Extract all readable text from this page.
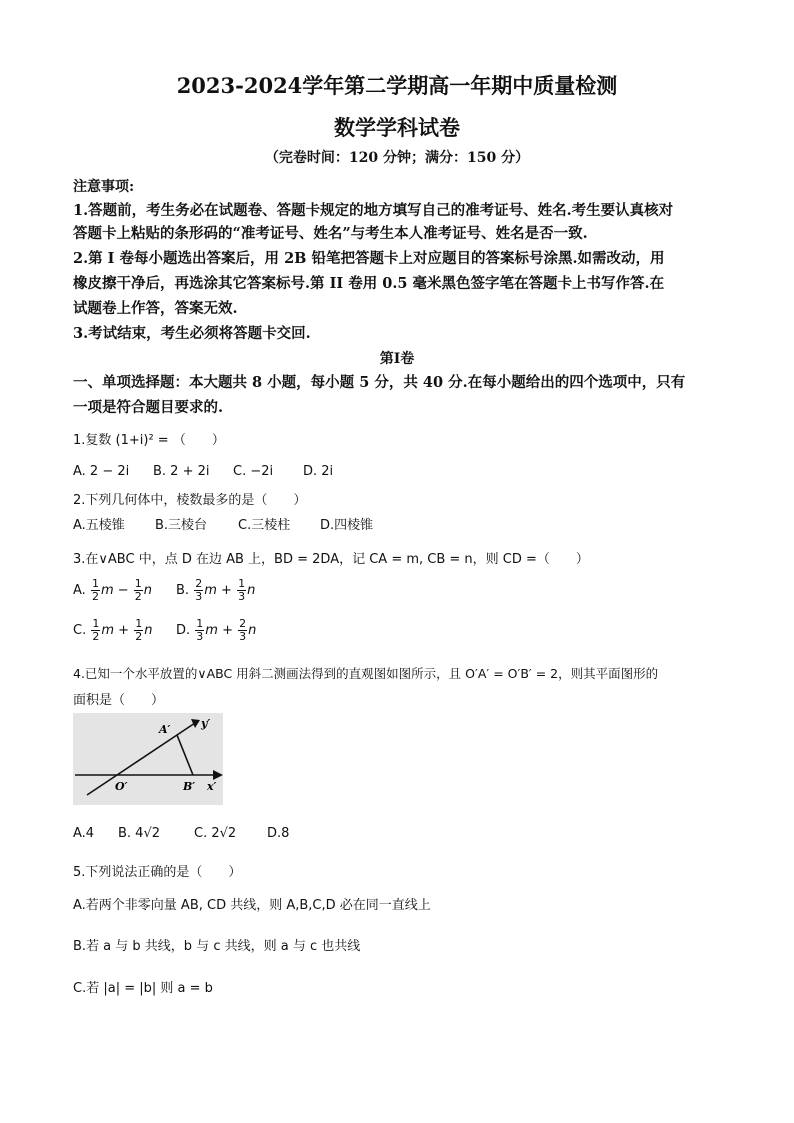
2023-2024学年第二学期高一年期中质量检测
数学学科试卷
（完卷时间：120 分钟；满分：150 分）
注意事项:
1.答题前，考生务必在试题卷、答题卡规定的地方填写自己的准考证号、姓名.考生要认真核对
答题卡上粘贴的条形码的“准考证号、姓名”与考生本人准考证号、姓名是否一致.
2.第 I 卷每小题选出答案后，用 2B 铅笔把答题卡上对应题目的答案标号涂黑.如需改动，用
橡皮擦干净后，再选涂其它答案标号.第 II 卷用 0.5 毫米黑色签字笔在答题卡上书写作答.在
试题卷上作答，答案无效.
3.考试结束，考生必须将答题卡交回.
第I卷
一、单项选择题：本大题共 8 小题，每小题 5 分，共 40 分.在每小题给出的四个选项中，只有
一项是符合题目要求的.
1.复数 (1+i)² = （　　）
A. 2 − 2i B. 2 + 2i C. −2i D. 2i
2.下列几何体中，棱数最多的是（　　）
A.五棱锥 B.三棱台 C.三棱柱 D.四棱锥
3.在∨ABC 中，点 D 在边 AB 上，BD = 2DA，记 CA = m, CB = n，则 CD =（　　）
A. $\frac{1}{2}$ $m - \frac{1}{2}$ n B. $\frac{2}{3}$ $m + \frac{1}{3}$ n
C. $\frac{1}{2}$ $m + \frac{1}{2}$ n D. $\frac{1}{3}$ $m + \frac{2}{3}$ n
4.已知一个水平放置的∨ABC 用斜二测画法得到的直观图如图所示，且 O′A′ = O′B′ = 2，则其平面图形的
面积是（　　）
A′	y′
O′	B′ x′
A.4 B. 4√2	C. 2√2 D.8
5.下列说法正确的是（　　）
A.若两个非零向量 AB, CD 共线，则 A,B,C,D 必在同一直线上
B.若 a 与 b 共线，b 与 c 共线，则 a 与 c 也共线
C.若 |a| = |b| 则 a = b
